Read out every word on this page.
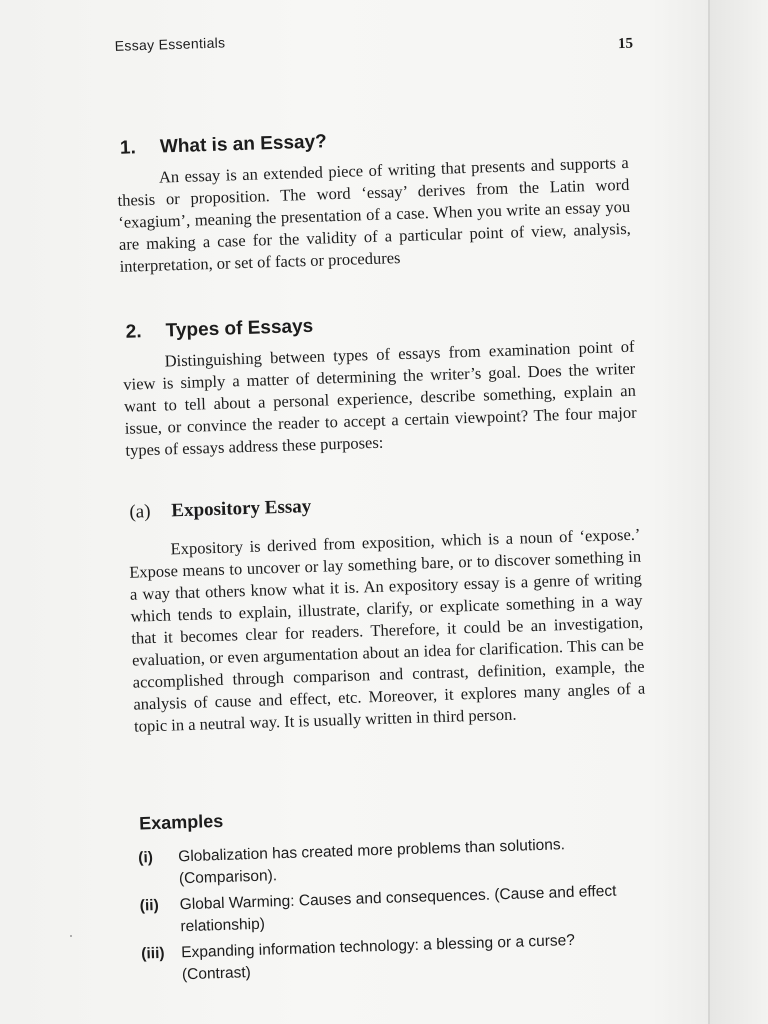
Essay Essentials	15
1. What is an Essay?
An essay is an extended piece of writing that presents and supports a thesis or proposition. The word ‘essay’ derives from the Latin word ‘exagium’, meaning the presentation of a case. When you write an essay you are making a case for the validity of a particular point of view, analysis, interpretation, or set of facts or procedures
2. Types of Essays
Distinguishing between types of essays from examination point of view is simply a matter of determining the writer’s goal. Does the writer want to tell about a personal experience, describe something, explain an issue, or convince the reader to accept a certain viewpoint? The four major types of essays address these purposes:
(a) Expository Essay
Expository is derived from exposition, which is a noun of ‘expose.’ Expose means to uncover or lay something bare, or to discover something in a way that others know what it is. An expository essay is a genre of writing which tends to explain, illustrate, clarify, or explicate something in a way that it becomes clear for readers. Therefore, it could be an investigation, evaluation, or even argumentation about an idea for clarification. This can be accomplished through comparison and contrast, definition, example, the analysis of cause and effect, etc. Moreover, it explores many angles of a topic in a neutral way. It is usually written in third person.
Examples
(i) Globalization has created more problems than solutions. (Comparison).
(ii) Global Warming: Causes and consequences. (Cause and effect relationship)
(iii) Expanding information technology: a blessing or a curse? (Contrast)
